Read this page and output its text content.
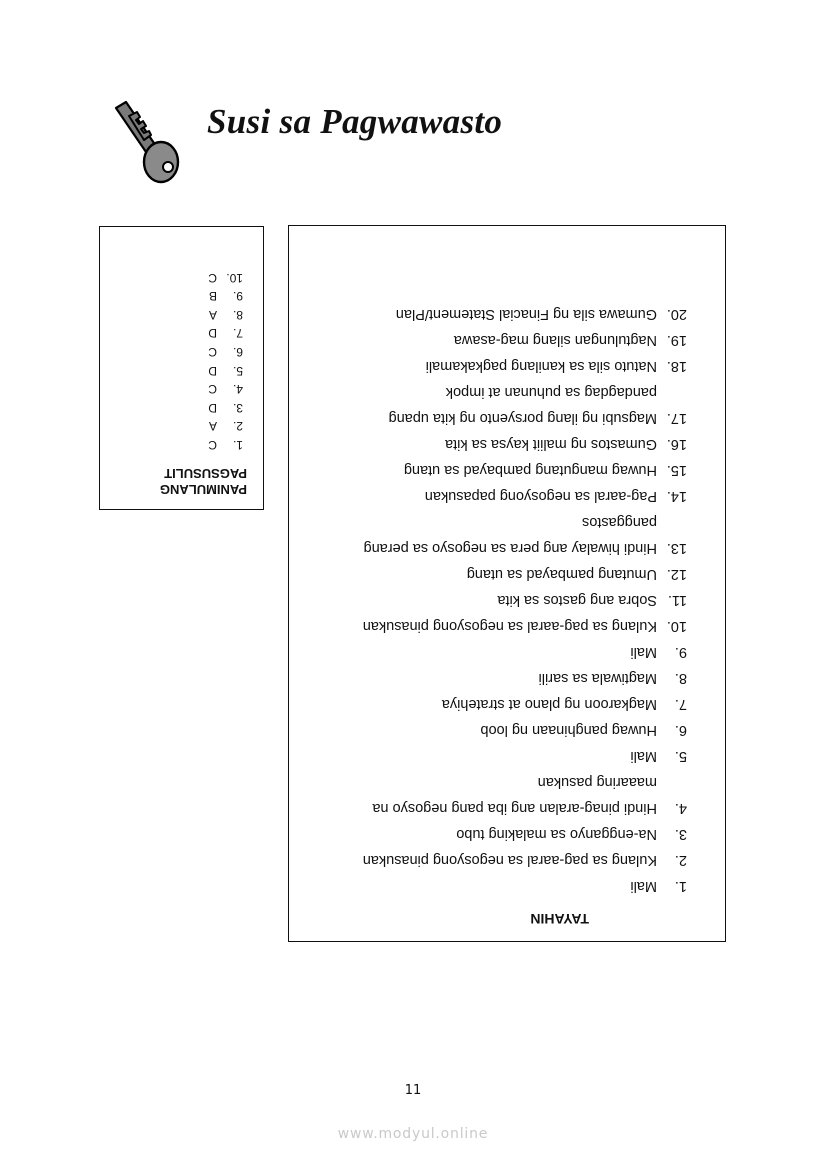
Susi sa Pagwawasto
PANIMULANG PAGSUSULIT
1.C
2.A
3.D
4.C
5.D
6.C
7.D
8.A
9.B
10.C
TAYAHIN
1.
Mali
2.
Kulang sa pag-aaral sa negosyong pinasukan
3.
Na-engganyo sa malaking tubo
4.
Hindi pinag-aralan ang iba pang negosyo na
maaaring pasukan
5.
Mali
6.
Huwag panghinaan ng loob
7.
Magkaroon ng plano at stratehiya
8.
Magtiwala sa sarili
9.
Mali
10.
Kulang sa pag-aaral sa negosyong pinasukan
11.
Sobra ang gastos sa kita
12.
Umutang pambayad sa utang
13.
Hindi hiwalay ang pera sa negosyo sa perang
panggastos
14.
Pag-aaral sa negosyong papasukan
15.
Huwag mangutang pambayad sa utang
16.
Gumastos ng maliit kaysa sa kita
17.
Magsubi ng ilang porsyento ng kita upang
pandagdag sa puhunan at impok
18.
Natuto sila sa kanilang pagkakamali
19.
Nagtulungan silang mag-asawa
20.
Gumawa sila ng Finacial Statement/Plan
11
www.modyul.online
